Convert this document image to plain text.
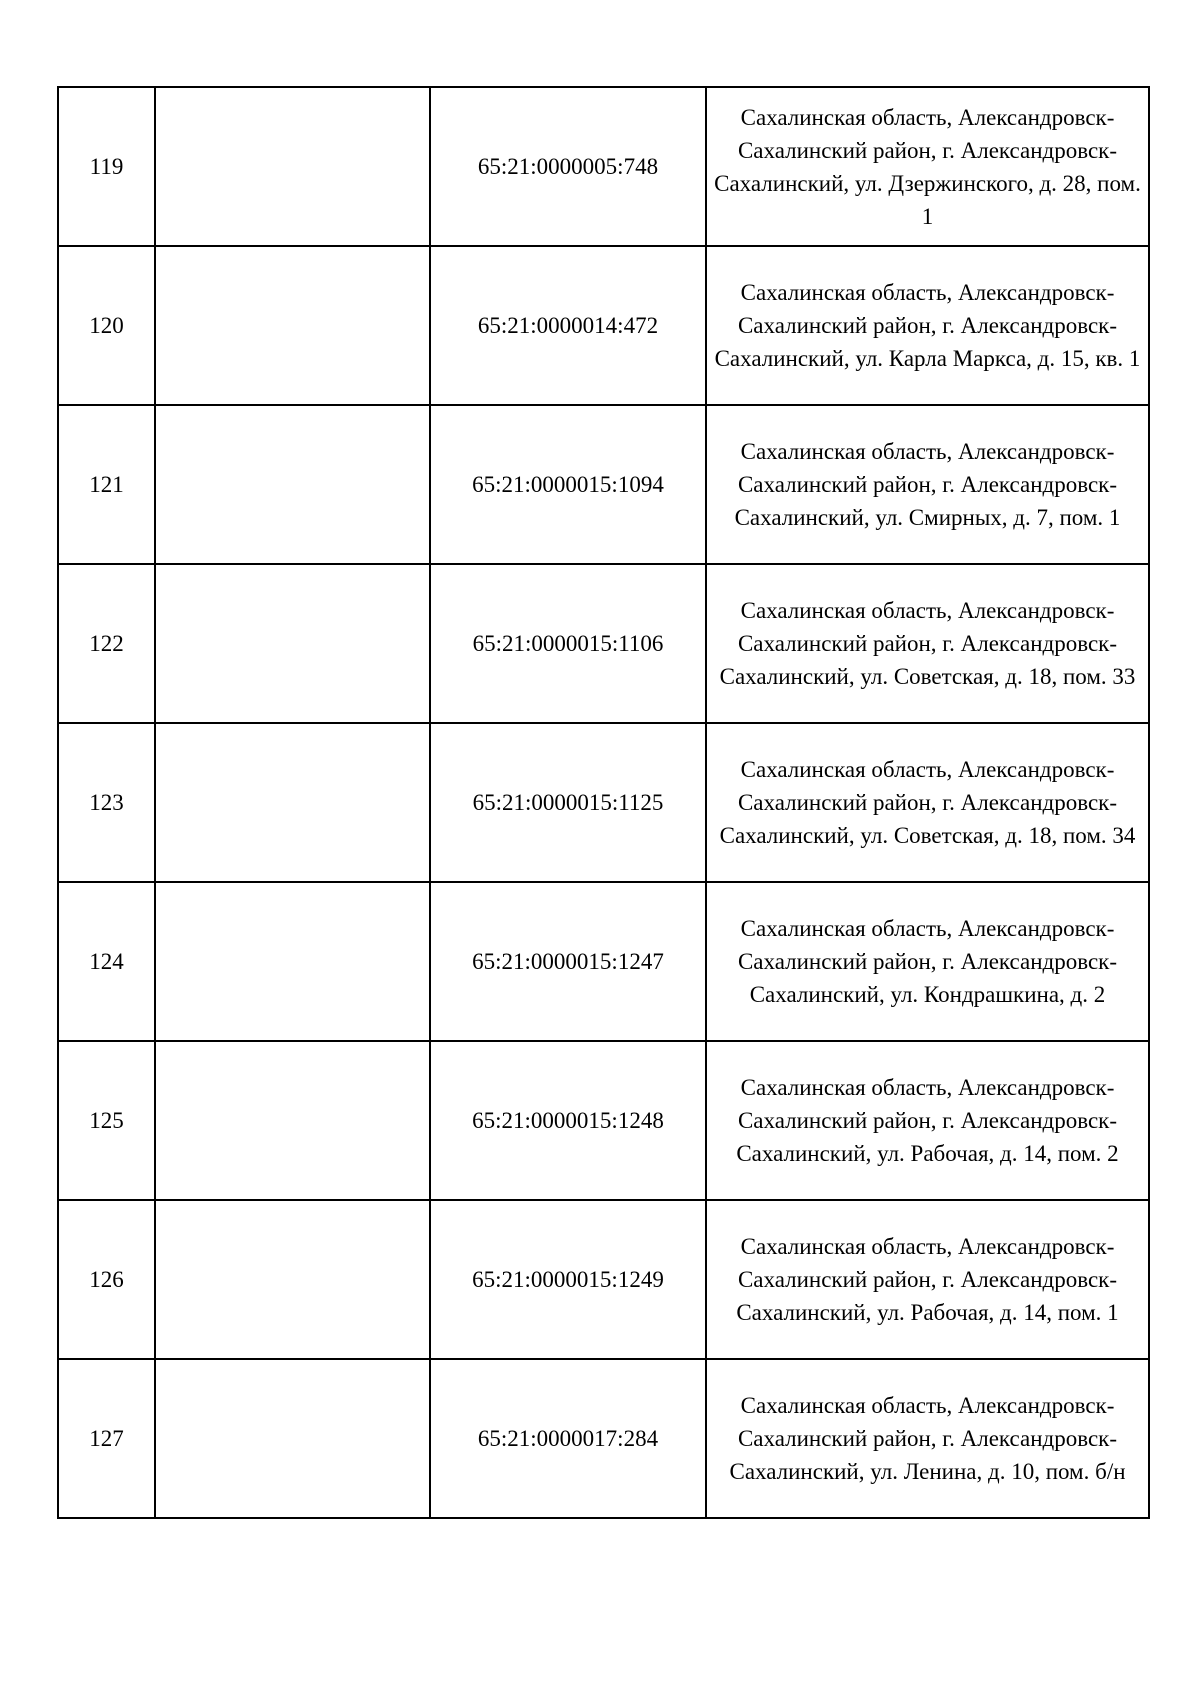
119		65:21:0000005:748	Сахалинская область, Александровск-Сахалинский район, г. Александровск-Сахалинский, ул. Дзержинского, д. 28, пом. 1
120		65:21:0000014:472	Сахалинская область, Александровск-Сахалинский район, г. Александровск-Сахалинский, ул. Карла Маркса, д. 15, кв. 1
121		65:21:0000015:1094	Сахалинская область, Александровск-Сахалинский район, г. Александровск-Сахалинский, ул. Смирных, д. 7, пом. 1
122		65:21:0000015:1106	Сахалинская область, Александровск-Сахалинский район, г. Александровск-Сахалинский, ул. Советская, д. 18, пом. 33
123		65:21:0000015:1125	Сахалинская область, Александровск-Сахалинский район, г. Александровск-Сахалинский, ул. Советская, д. 18, пом. 34
124		65:21:0000015:1247	Сахалинская область, Александровск-Сахалинский район, г. Александровск-Сахалинский, ул. Кондрашкина, д. 2
125		65:21:0000015:1248	Сахалинская область, Александровск-Сахалинский район, г. Александровск-Сахалинский, ул. Рабочая, д. 14, пом. 2
126		65:21:0000015:1249	Сахалинская область, Александровск-Сахалинский район, г. Александровск-Сахалинский, ул. Рабочая, д. 14, пом. 1
127		65:21:0000017:284	Сахалинская область, Александровск-Сахалинский район, г. Александровск-Сахалинский, ул. Ленина, д. 10, пом. б/н
